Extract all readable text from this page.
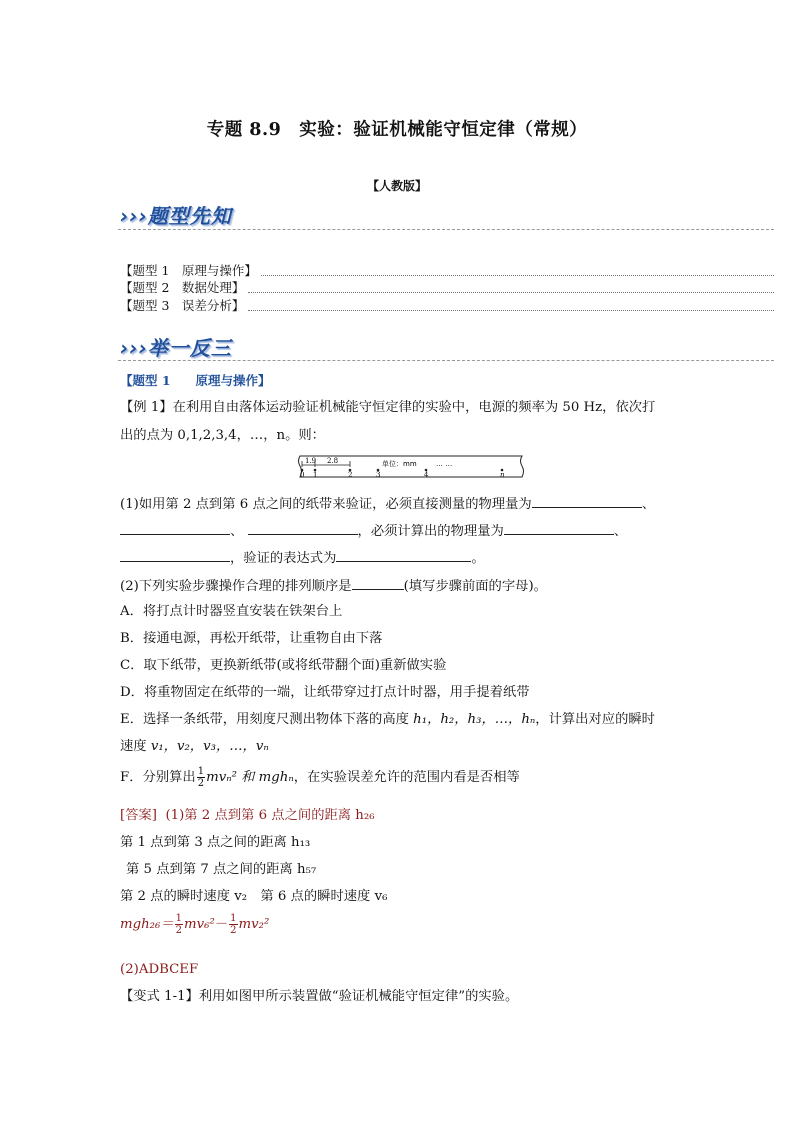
专题 8.9　实验：验证机械能守恒定律（常规）
【人教版】
›››题型先知
【题型 1　原理与操作】
【题型 2　数据处理】
【题型 3　误差分析】
›››举一反三
【题型 1　　原理与操作】
【例 1】在利用自由落体运动验证机械能守恒定律的实验中，电源的频率为 50 Hz，依次打
出的点为 0,1,2,3,4，…，n。则：
1.9 2.8	单位：mm	… …
0 1	2	3	4	n
(1)如用第 2 点到第 6 点之间的纸带来验证，必须直接测量的物理量为	、
、	，必须计算出的物理量为	、
，验证的表达式为	。
(2)下列实验步骤操作合理的排列顺序是	(填写步骤前面的字母)。
A．将打点计时器竖直安装在铁架台上
B．接通电源，再松开纸带，让重物自由下落
C．取下纸带，更换新纸带(或将纸带翻个面)重新做实验
D．将重物固定在纸带的一端，让纸带穿过打点计时器，用手提着纸带
E．选择一条纸带，用刻度尺测出物体下落的高度 h₁，h₂，h₃，…，hₙ，计算出对应的瞬时
速度 v₁，v₂，v₃，…，vₙ
F．分别算出 $\frac{1}{2} mv_n^2$ 和 mghₙ，在实验误差允许的范围内看是否相等
[答案] (1)第 2 点到第 6 点之间的距离 h₂₆
第 1 点到第 3 点之间的距离 h₁₃
第 5 点到第 7 点之间的距离 h₅₇
第 2 点的瞬时速度 v₂　第 6 点的瞬时速度 v₆
$mgh_{26}= \frac{1}{2} mv_6^2- \frac{1}{2} mv_2^2$
(2)ADBCEF
【变式 1-1】利用如图甲所示装置做“验证机械能守恒定律”的实验。
